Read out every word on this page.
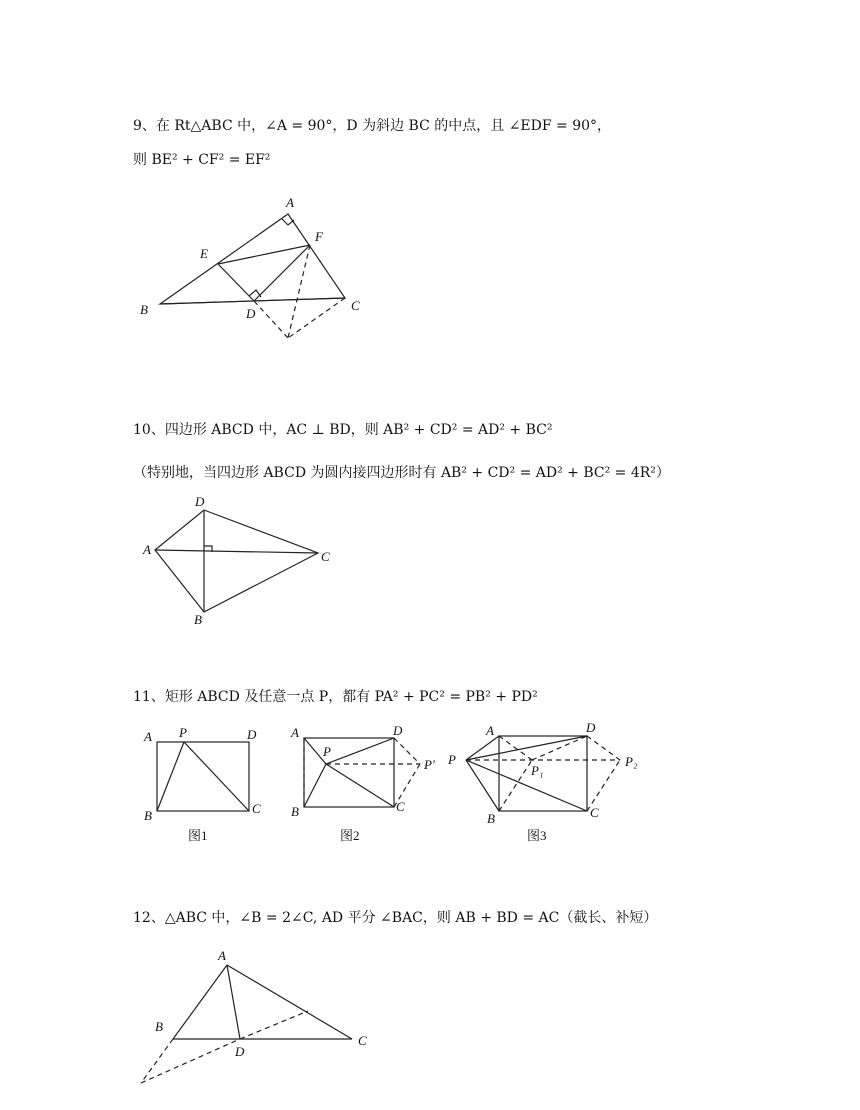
9、在 Rt△ABC 中，∠A = 90°，D 为斜边 BC 的中点，且 ∠EDF = 90°，
则 BE² + CF² = EF²
10、四边形 ABCD 中，AC ⊥ BD，则 AB² + CD² = AD² + BC²
（特别地，当四边形 ABCD 为圆内接四边形时有 AB² + CD² = AD² + BC² = 4R²）
11、矩形 ABCD 及任意一点 P，都有 PA² + PC² = PB² + PD²
12、△ABC 中，∠B = 2∠C, AD 平分 ∠BAC，则 AB + BD = AC（截长、补短）
A
B	C
D
E
F
A
B
C
D
A P	D
B	C
图1
A
P
D
P′
B	C
图2
P
A	D
P₁
P₂
B	C
图3
A
B
C
D
